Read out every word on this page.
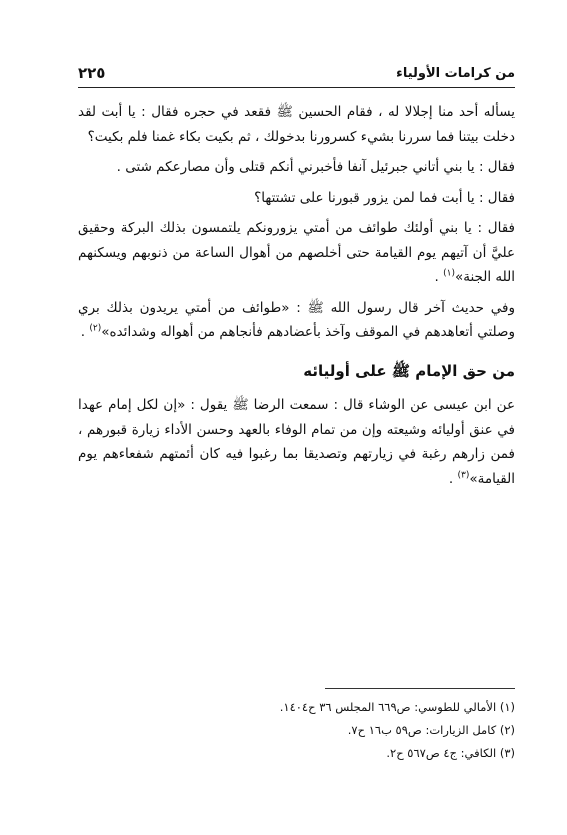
من كرامات الأولياء
٢٢٥

يسأله أحد منا إجلالا له ، فقام الحسين ﷺ فقعد في حجره فقال : يا أبت لقد دخلت بيتنا فما سررنا بشيء كسرورنا بدخولك ، ثم بكيت بكاء غمنا فلم بكيت؟

فقال : يا بني أتاني جبرئيل آنفا فأخبرني أنكم قتلى وأن مصارعكم شتى .

فقال : يا أبت فما لمن يزور قبورنا على تشتتها؟

فقال : يا بني أولئك طوائف من أمتي يزورونكم يلتمسون بذلك البركة وحقيق عليَّ أن آتيهم يوم القيامة حتى أخلصهم من أهوال الساعة من ذنوبهم ويسكنهم الله الجنة»$^{(١)}$ .

وفي حديث آخر قال رسول الله ﷺ : «طوائف من أمتي يريدون بذلك بري وصلتي أتعاهدهم في الموقف وآخذ بأعضادهم فأنجاهم من أهواله وشدائده»$^{(٢)}$ .

من حق الإمام ﷺ على أوليائه

عن ابن عيسى عن الوشاء قال : سمعت الرضا ﷺ يقول : «إن لكل إمام عهدا في عنق أوليائه وشيعته وإن من تمام الوفاء بالعهد وحسن الأداء زيارة قبورهم ، فمن زارهم رغبة في زيارتهم وتصديقا بما رغبوا فيه كان أئمتهم شفعاءهم يوم القيامة»$^{(٣)}$ .

(١) الأمالي للطوسي: ص٦٦٩ المجلس ٣٦ ح١٤٠٤.
(٢) كامل الزيارات: ص٥٩ ب١٦ ح٧.
(٣) الكافي: ج٤ ص٥٦٧ ح٢.
